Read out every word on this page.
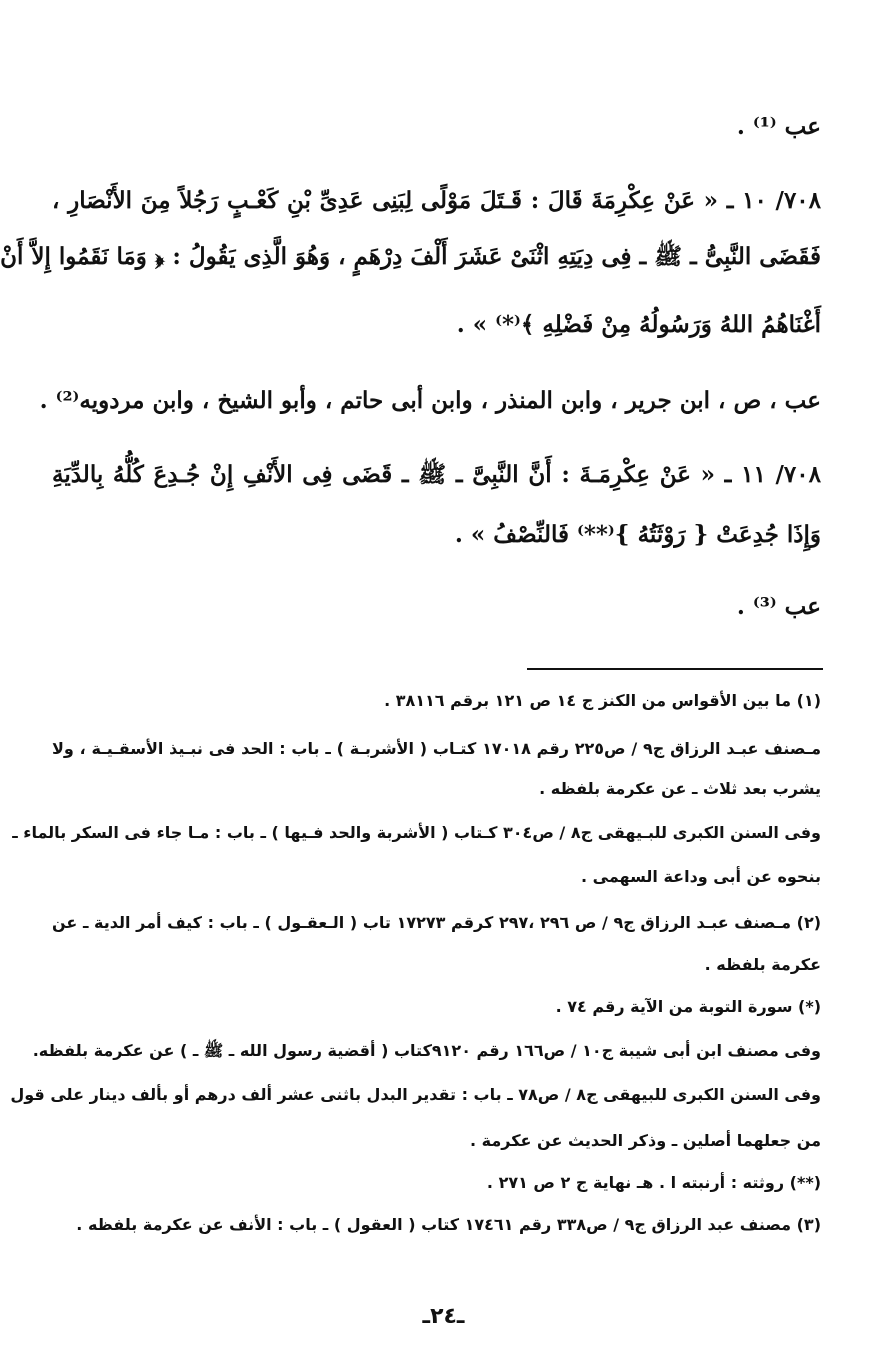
عب ⁽¹⁾ .
٧٠٨/ ١٠ ـ « عَنْ عِكْرِمَةَ قَالَ : قَـتَلَ مَوْلًى لِبَنِى عَدِىِّ بْنِ كَعْـبٍ رَجُلاً مِنَ الأَنْصَارِ ،
فَقَضَى النَّبِىُّ ـ ﷺ ـ فِى دِيَتِهِ اثْنَىْ عَشَرَ أَلْفَ دِرْهَمٍ ، وَهُوَ الَّذِى يَقُولُ : ﴿ وَمَا نَقَمُوا إِلاَّ أَنْ
أَغْنَاهُمُ اللهُ وَرَسُولُهُ مِنْ فَضْلِهِ ﴾⁽*⁾ » .
عب ، ص ، ابن جرير ، وابن المنذر ، وابن أبى حاتم ، وأبو الشيخ ، وابن مردويه⁽²⁾ .
٧٠٨/ ١١ ـ « عَنْ عِكْرِمَـةَ : أَنَّ النَّبِىَّ ـ ﷺ ـ قَضَى فِى الأَنْفِ إِنْ جُـدِعَ كُلُّهُ بِالدِّيَةِ
وَإِذَا جُدِعَتْ { رَوْثَتُهُ }⁽**⁾ فَالنِّصْفُ » .
عب ⁽³⁾ .
(١) ما بين الأقواس من الكنز ج ١٤ ص ١٢١ برقم ٣٨١١٦ .
مـصنف عبـد الرزاق ج٩ / ص٢٢٥ رقم ١٧٠١٨ كتـاب ( الأشربـة ) ـ باب : الحد فى نبـيذ الأسقـيـة ، ولا
يشرب بعد ثلاث ـ عن عكرمة بلفظه .
وفى السنن الكبرى للبـيهقى ج٨ / ص٣٠٤ كـتاب ( الأشربة والحد فـيها ) ـ باب : مـا جاء فى السكر بالماء ـ
بنحوه عن أبى وداعة السهمى .
(٢) مـصنف عبـد الرزاق ج٩ / ص ٢٩٦ ،٢٩٧ كرقم ١٧٢٧٣ تاب ( الـعقـول ) ـ باب : كيف أمر الدية ـ عن
عكرمة بلفظه .
(*) سورة التوبة من الآية رقم ٧٤ .
وفى مصنف ابن أبى شيبة ج١٠ / ص١٦٦ رقم ٩١٢٠كتاب ( أقضية رسول الله ـ ﷺ ـ ) عن عكرمة بلفظه.
وفى السنن الكبرى للبيهقى ج٨ / ص٧٨ ـ باب : تقدير البدل باثنى عشر ألف درهم أو بألف دينار على قول
من جعلهما أصلين ـ وذكر الحديث عن عكرمة .
(**) روثته : أرنبته ا . هـ نهاية ج ٢ ص ٢٧١ .
(٣) مصنف عبد الرزاق ج٩ / ص٣٣٨ رقم ١٧٤٦١ كتاب ( العقول ) ـ باب : الأنف عن عكرمة بلفظه .
ـ٢٤ـ
